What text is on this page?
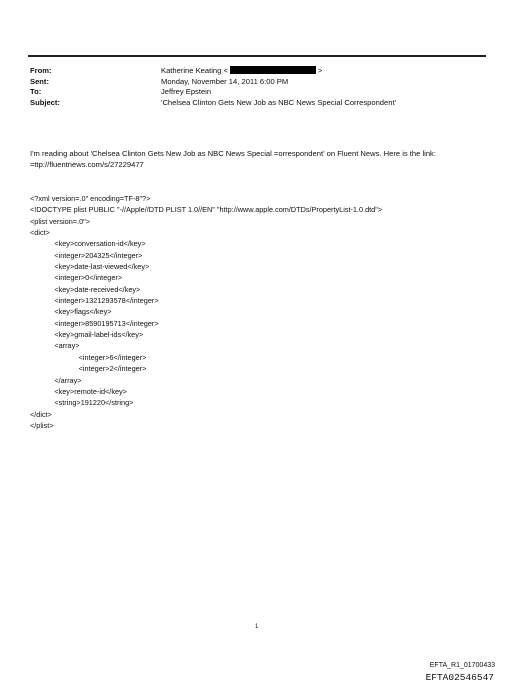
From:	Katherine Keating <	>
Sent:	Monday, November 14, 2011 6:00 PM
To:	Jeffrey Epstein
Subject:	'Chelsea Clinton Gets New Job as NBC News Special Correspondent'
I'm reading about 'Chelsea Clinton Gets New Job as NBC News Special =orrespondent' on Fluent News. Here is the link:
=ttp://fluentnews.com/s/27229477
<?xml version=.0" encoding=TF-8"?>
<!DOCTYPE plist PUBLIC "-//Apple//DTD PLIST 1.0//EN" "http://www.apple.com/DTDs/PropertyList-1.0.dtd">
<plist version=.0">
<dict>
<key>conversation-id</key>
<integer>204325</integer>
<key>date-last-viewed</key>
<integer>0</integer>
<key>date-received</key>
<integer>1321293578</integer>
<key>flags</key>
<integer>8590195713</integer>
<key>gmail-label-ids</key>
<array>
<integer>6</integer>
<integer>2</integer>
</array>
<key>remote-id</key>
<string>191220</string>
</dict>
</plist>
1
EFTA_R1_01700433
EFTA02546547
